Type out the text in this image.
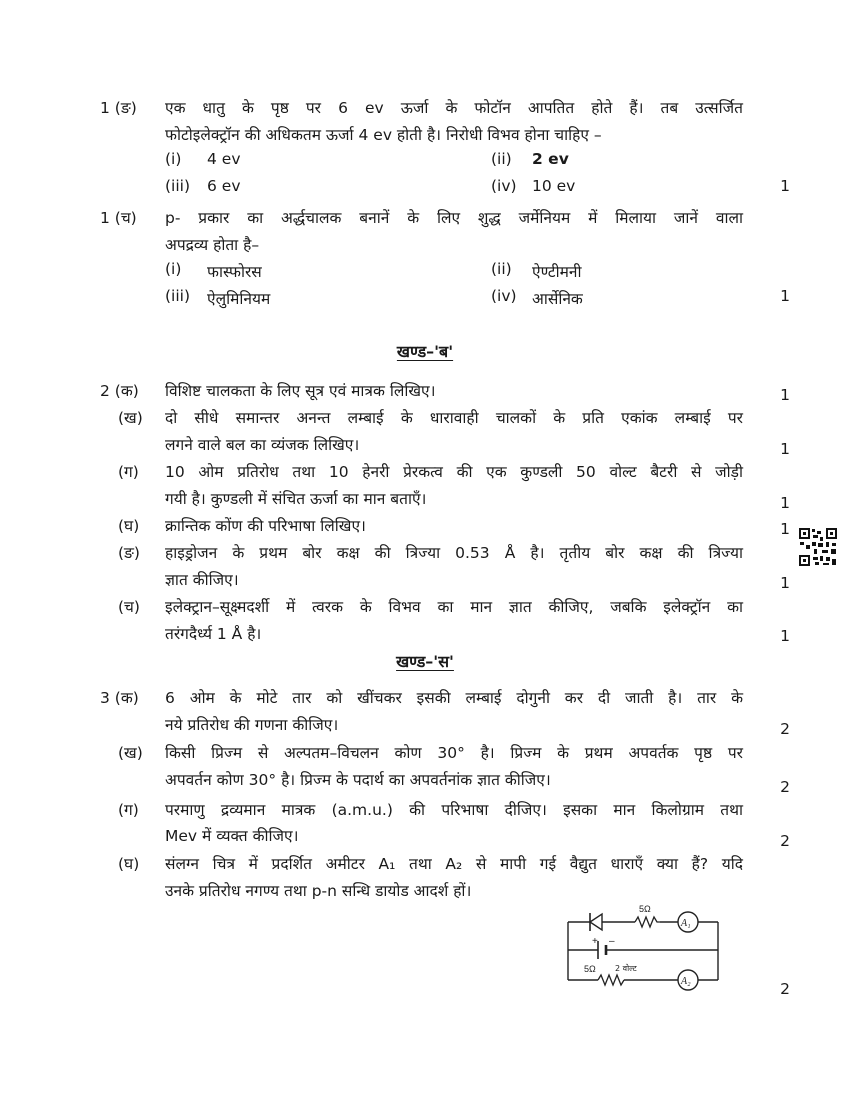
1 (ङ) एक धातु के पृष्ठ पर 6 ev ऊर्जा के फोटॉन आपतित होते हैं। तब उत्सर्जित
फोटोइलेक्ट्रॉन की अधिकतम ऊर्जा 4 ev होती है। निरोधी विभव होना चाहिए –
(i) 4 ev	(ii) 2 ev
(iii) 6 ev	(iv) 10 ev	1
1 (च) p- प्रकार का अर्द्धचालक बनानें के लिए शुद्ध जर्मेनियम में मिलाया जानें वाला
अपद्रव्य होता है–
(i) फास्फोरस	(ii) ऐण्टीमनी
(iii) ऐलुमिनियम	(iv) आर्सेनिक	1
खण्ड–'ब'
2 (क) विशिष्ट चालकता के लिए सूत्र एवं मात्रक लिखिए।	1
(ख) दो सीधे समान्तर अनन्त लम्बाई के धारावाही चालकों के प्रति एकांक लम्बाई पर
लगने वाले बल का व्यंजक लिखिए।	1
(ग) 10 ओम प्रतिरोध तथा 10 हेनरी प्रेरकत्व की एक कुण्डली 50 वोल्ट बैटरी से जोड़ी
गयी है। कुण्डली में संचित ऊर्जा का मान बताएँ।	1
(घ) क्रान्तिक कोंण की परिभाषा लिखिए।	1
(ङ) हाइड्रोजन के प्रथम बोर कक्ष की त्रिज्या 0.53 Å है। तृतीय बोर कक्ष की त्रिज्या
ज्ञात कीजिए।	1
(च) इलेक्ट्रान–सूक्ष्मदर्शी में त्वरक के विभव का मान ज्ञात कीजिए, जबकि इलेक्ट्रॉन का
तरंगदैर्ध्य 1 Å है।	1
खण्ड–'स'
3 (क) 6 ओम के मोटे तार को खींचकर इसकी लम्बाई दोगुनी कर दी जाती है। तार के
नये प्रतिरोध की गणना कीजिए।	2
(ख) किसी प्रिज्म से अल्पतम–विचलन कोण 30° है। प्रिज्म के प्रथम अपवर्तक पृष्ठ पर
अपवर्तन कोण 30° है। प्रिज्म के पदार्थ का अपवर्तनांक ज्ञात कीजिए।	2
(ग) परमाणु द्रव्यमान मात्रक (a.m.u.) की परिभाषा दीजिए। इसका मान किलोग्राम तथा
Mev में व्यक्त कीजिए।	2
(घ) संलग्न चित्र में प्रदर्शित अमीटर A₁ तथा A₂ से मापी गई वैद्युत धाराएँ क्या हैं? यदि
उनके प्रतिरोध नगण्य तथा p-n सन्धि डायोड आदर्श हों।
2
5Ω
5Ω 2 वोल्ट
+ –
A₁
A₂
